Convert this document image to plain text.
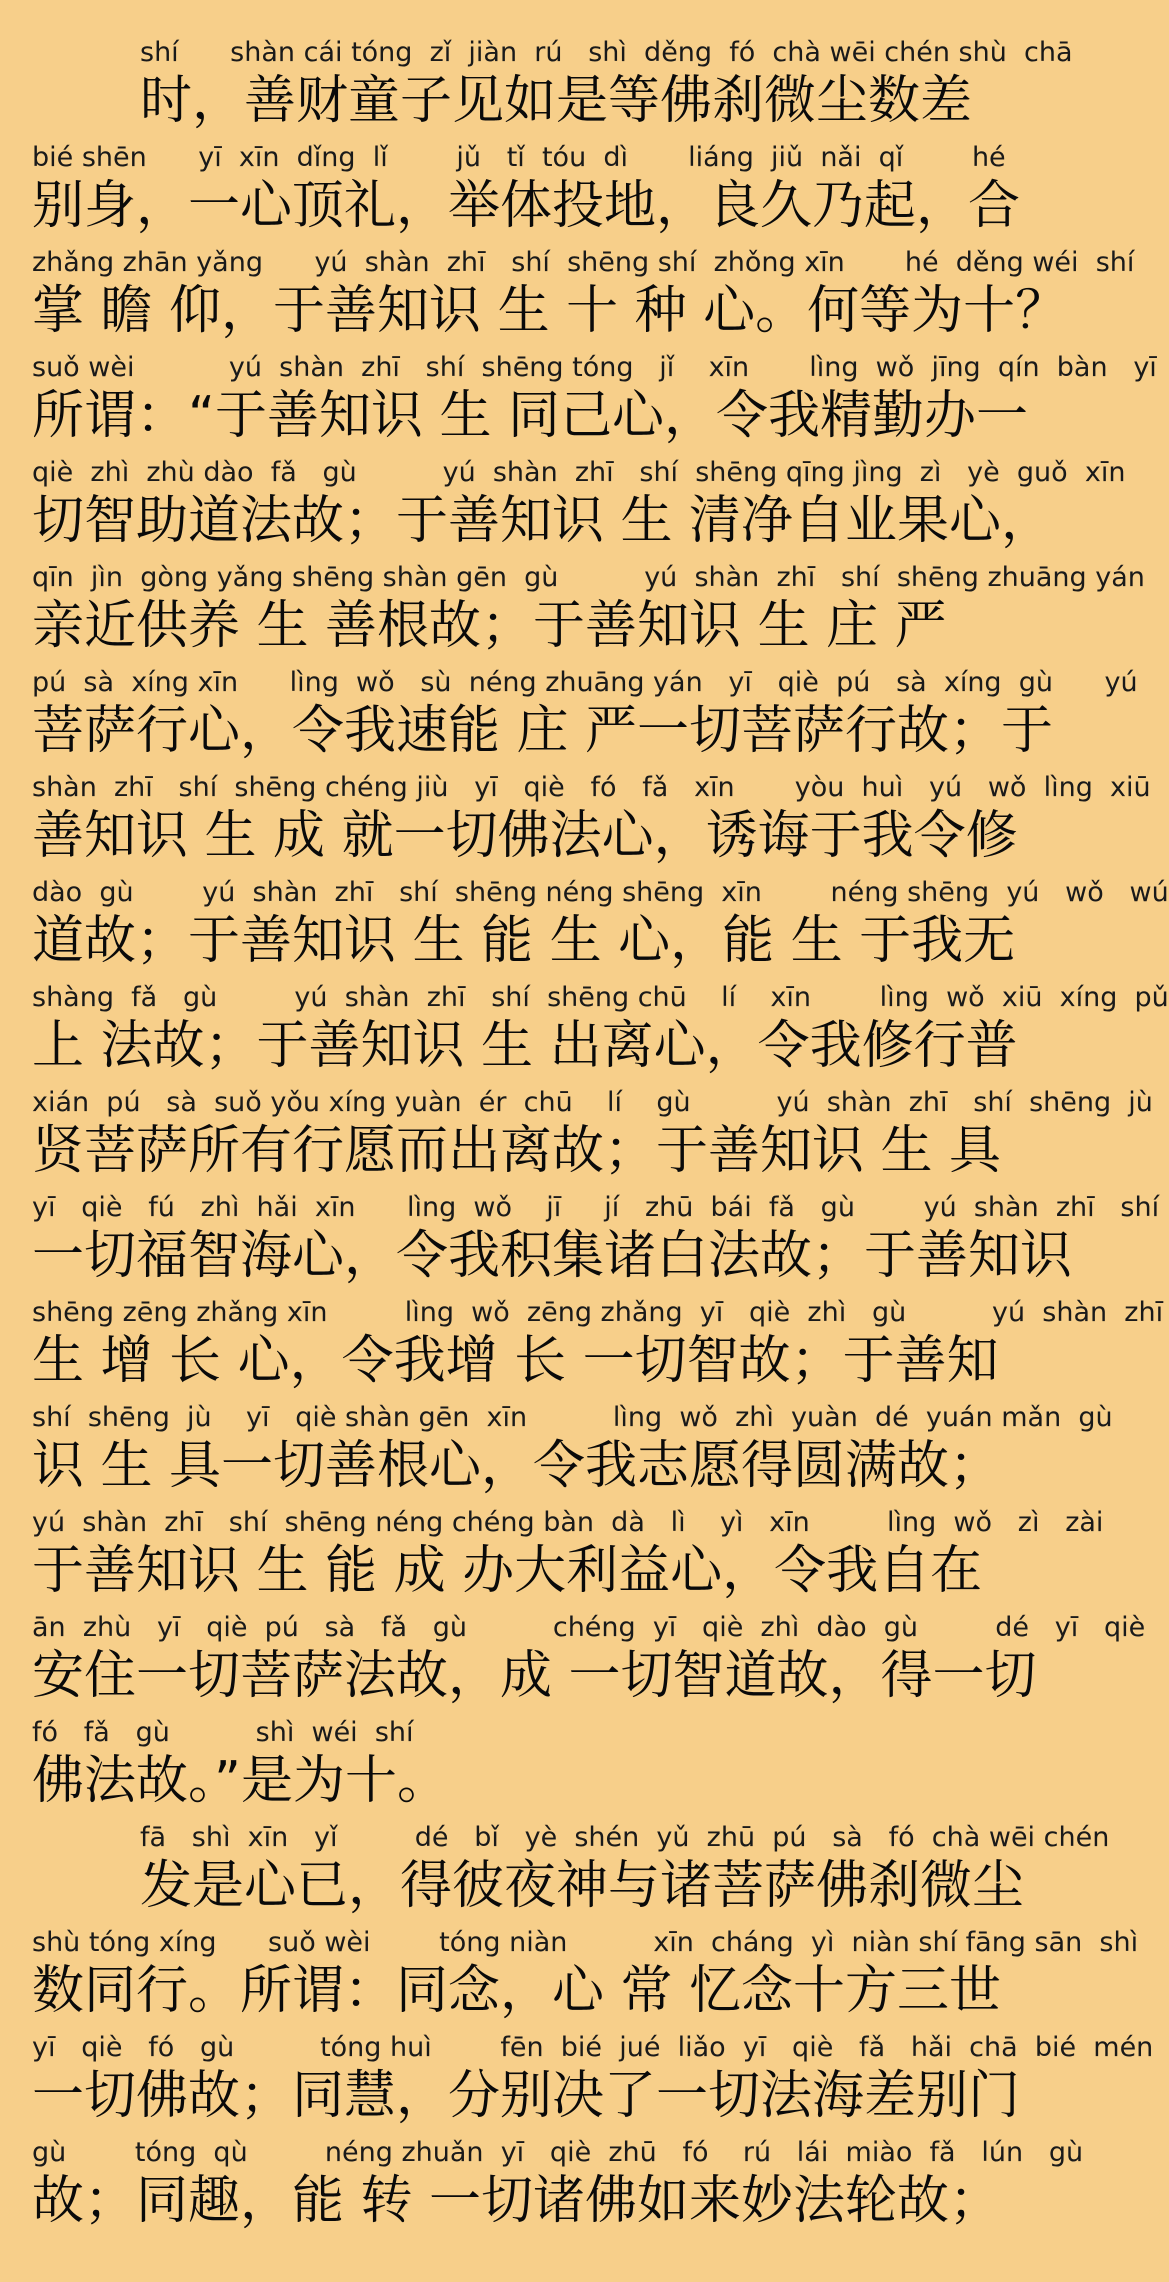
shí      shàn cái tóng  zǐ  jiàn  rú   shì  děng  fó  chà wēi chén shù  chā
时，善财童子见如是等佛刹微尘数差
bié shēn      yī  xīn  dǐng  lǐ        jǔ   tǐ  tóu  dì       liáng  jiǔ  nǎi  qǐ        hé
别身，一心顶礼，举体投地，良久乃起，合
zhǎng zhān yǎng      yú  shàn  zhī   shí  shēng shí  zhǒng xīn       hé  děng wéi  shí
掌 瞻 仰，于善知识 生 十 种 心。何等为十？
suǒ wèi           yú  shàn  zhī   shí  shēng tóng   jǐ    xīn       lìng  wǒ  jīng  qín  bàn   yī
所谓：“于善知识 生 同己心，令我精勤办一
qiè  zhì  zhù dào  fǎ   gù          yú  shàn  zhī   shí  shēng qīng jìng  zì   yè  guǒ  xīn
切智助道法故；于善知识 生 清净自业果心，
qīn  jìn  gòng yǎng shēng shàn gēn  gù          yú  shàn  zhī   shí  shēng zhuāng yán
亲近供养 生 善根故；于善知识 生 庄 严
pú  sà  xíng xīn      lìng  wǒ   sù  néng zhuāng yán   yī   qiè  pú   sà  xíng  gù      yú
菩萨行心，令我速能 庄 严一切菩萨行故；于
shàn  zhī   shí  shēng chéng jiù   yī   qiè   fó   fǎ   xīn       yòu  huì   yú   wǒ  lìng  xiū
善知识 生 成 就一切佛法心，诱诲于我令修
dào  gù        yú  shàn  zhī   shí  shēng néng shēng  xīn        néng shēng  yú   wǒ   wú
道故；于善知识 生 能 生 心，能 生 于我无
shàng  fǎ   gù         yú  shàn  zhī   shí  shēng chū    lí    xīn        lìng  wǒ  xiū  xíng  pǔ
上 法故；于善知识 生 出离心，令我修行普
xián  pú   sà  suǒ yǒu xíng yuàn  ér  chū    lí    gù          yú  shàn  zhī   shí  shēng  jù
贤菩萨所有行愿而出离故；于善知识 生 具
yī   qiè   fú   zhì  hǎi  xīn      lìng  wǒ    jī     jí   zhū  bái  fǎ   gù        yú  shàn  zhī   shí
一切福智海心，令我积集诸白法故；于善知识
shēng zēng zhǎng xīn         lìng  wǒ  zēng zhǎng  yī   qiè  zhì   gù          yú  shàn  zhī
生 增 长 心，令我增 长 一切智故；于善知
shí  shēng  jù    yī   qiè shàn gēn  xīn          lìng  wǒ  zhì  yuàn  dé  yuán mǎn  gù
识 生 具一切善根心，令我志愿得圆满故；
yú  shàn  zhī   shí  shēng néng chéng bàn  dà   lì    yì   xīn         lìng  wǒ   zì   zài
于善知识 生 能 成 办大利益心，令我自在
ān  zhù   yī   qiè  pú   sà   fǎ   gù          chéng  yī   qiè  zhì  dào  gù         dé   yī   qiè
安住一切菩萨法故，成 一切智道故，得一切
fó   fǎ   gù          shì  wéi  shí
佛法故。”是为十。
fā   shì  xīn   yǐ         dé   bǐ   yè  shén  yǔ  zhū  pú   sà   fó  chà wēi chén
发是心已，得彼夜神与诸菩萨佛刹微尘
shù tóng xíng      suǒ wèi        tóng niàn          xīn  cháng  yì  niàn shí fāng sān  shì
数同行。所谓：同念，心 常 忆念十方三世
yī   qiè   fó   gù          tóng huì        fēn  bié  jué  liǎo  yī   qiè   fǎ   hǎi  chā  bié  mén
一切佛故；同慧，分别决了一切法海差别门
gù        tóng  qù         néng zhuǎn  yī   qiè  zhū   fó    rú   lái  miào  fǎ   lún   gù
故；同趣，能 转 一切诸佛如来妙法轮故；
